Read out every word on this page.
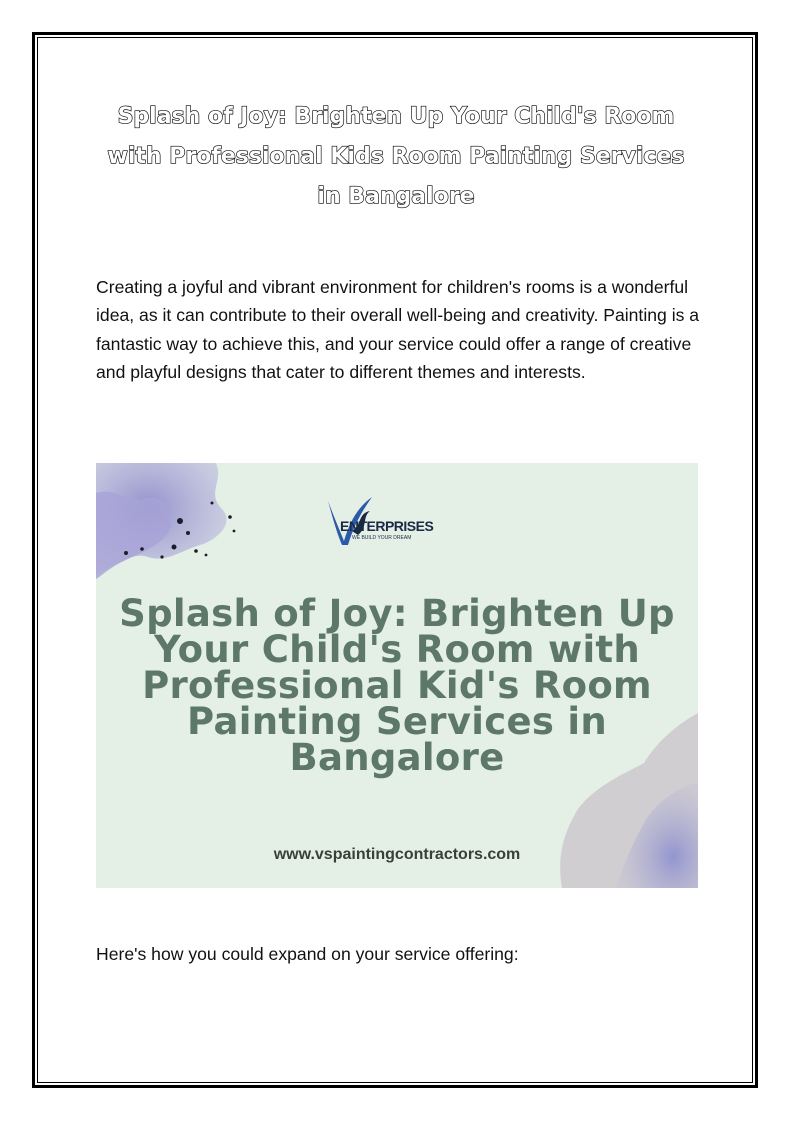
Splash of Joy: Brighten Up Your Child's Room with Professional Kids Room Painting Services in Bangalore

Creating a joyful and vibrant environment for children's rooms is a wonderful idea, as it can contribute to their overall well-being and creativity. Painting is a fantastic way to achieve this, and your service could offer a range of creative and playful designs that cater to different themes and interests.

ENTERPRISES

WE BUILD YOUR DREAM

Splash of Joy: Brighten Up Your Child's Room with Professional Kid's Room Painting Services in Bangalore

www.vspaintingcontractors.com

Here's how you could expand on your service offering:
